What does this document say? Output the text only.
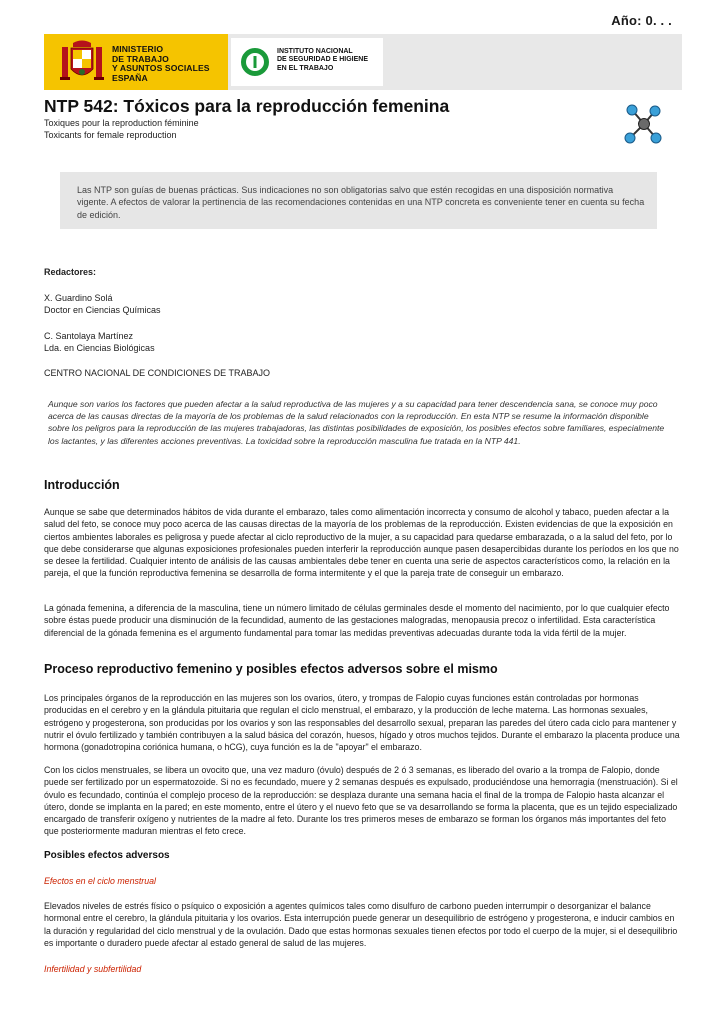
Año: 0. . .
MINISTERIO
DE TRABAJO
Y ASUNTOS SOCIALES
ESPAÑA
INSTITUTO NACIONAL
DE SEGURIDAD E HIGIENE
EN EL TRABAJO
NTP 542: Tóxicos para la reproducción femenina
Toxiques pour la reproduction féminine
Toxicants for female reproduction

Las NTP son guías de buenas prácticas. Sus indicaciones no son obligatorias salvo que estén recogidas en una disposición normativa vigente. A efectos de valorar la pertinencia de las recomendaciones contenidas en una NTP concreta es conveniente tener en cuenta su fecha de edición.

Redactores:
X. Guardino Solá
Doctor en Ciencias Químicas
C. Santolaya Martínez
Lda. en Ciencias Biológicas
CENTRO NACIONAL DE CONDICIONES DE TRABAJO
Aunque son varios los factores que pueden afectar a la salud reproductiva de las mujeres y a su capacidad para tener descendencia sana, se conoce muy poco acerca de las causas directas de la mayoría de los problemas de la salud relacionados con la reproducción. En esta NTP se resume la información disponible sobre los peligros para la reproducción de las mujeres trabajadoras, las distintas posibilidades de exposición, los posibles efectos sobre familiares, especialmente los lactantes, y las diferentes acciones preventivas. La toxicidad sobre la reproducción masculina fue tratada en la NTP 441.
Introducción
Aunque se sabe que determinados hábitos de vida durante el embarazo, tales como alimentación incorrecta y consumo de alcohol y tabaco, pueden afectar a la salud del feto, se conoce muy poco acerca de las causas directas de la mayoría de los problemas de la reproducción. Existen evidencias de que la exposición en ciertos ambientes laborales es peligrosa y puede afectar al ciclo reproductivo de la mujer, a su capacidad para quedarse embarazada, o a la salud del feto, por lo que debe considerarse que algunas exposiciones profesionales pueden interferir la reproducción aunque pasen desapercibidas durante los períodos en los que no se desee la fertilidad. Cualquier intento de análisis de las causas ambientales debe tener en cuenta una serie de aspectos característicos como, la relación en la pareja, el que la función reproductiva femenina se desarrolla de forma intermitente y el que la pareja trate de conseguir un embarazo.
La gónada femenina, a diferencia de la masculina, tiene un número limitado de células germinales desde el momento del nacimiento, por lo que cualquier efecto sobre éstas puede producir una disminución de la fecundidad, aumento de las gestaciones malogradas, menopausia precoz o infertilidad. Esta característica diferencial de la gónada femenina es el argumento fundamental para tomar las medidas preventivas adecuadas durante toda la vida fértil de la mujer.
Proceso reproductivo femenino y posibles efectos adversos sobre el mismo
Los principales órganos de la reproducción en las mujeres son los ovarios, útero, y trompas de Falopio cuyas funciones están controladas por hormonas producidas en el cerebro y en la glándula pituitaria que regulan el ciclo menstrual, el embarazo, y la producción de leche materna. Las hormonas sexuales, estrógeno y progesterona, son producidas por los ovarios y son las responsables del desarrollo sexual, preparan las paredes del útero cada ciclo para mantener y nutrir el óvulo fertilizado y también contribuyen a la salud básica del corazón, huesos, hígado y otros muchos tejidos. Durante el embarazo la placenta produce una hormona (gonadotropina coriónica humana, o hCG), cuya función es la de "apoyar" el embarazo.
Con los ciclos menstruales, se libera un ovocito que, una vez maduro (óvulo) después de 2 ó 3 semanas, es liberado del ovario a la trompa de Falopio, donde puede ser fertilizado por un espermatozoide. Si no es fecundado, muere y 2 semanas después es expulsado, produciéndose una hemorragia (menstruación). Si el óvulo es fecundado, continúa el complejo proceso de la reproducción: se desplaza durante una semana hacia el final de la trompa de Falopio hasta alcanzar el útero, donde se implanta en la pared; en este momento, entre el útero y el nuevo feto que se va desarrollando se forma la placenta, que es un tejido especializado encargado de transferir oxígeno y nutrientes de la madre al feto. Durante los tres primeros meses de embarazo se forman los órganos más importantes del feto que posteriormente maduran mientras el feto crece.
Posibles efectos adversos
Efectos en el ciclo menstrual
Elevados niveles de estrés físico o psíquico o exposición a agentes químicos tales como disulfuro de carbono pueden interrumpir o desorganizar el balance hormonal entre el cerebro, la glándula pituitaria y los ovarios. Esta interrupción puede generar un desequilibrio de estrógeno y progesterona, e inducir cambios en la duración y regularidad del ciclo menstrual y de la ovulación. Dado que estas hormonas sexuales tienen efectos por todo el cuerpo de la mujer, si el desequilibrio es importante o duradero puede afectar al estado general de salud de las mujeres.
Infertilidad y subfertilidad
